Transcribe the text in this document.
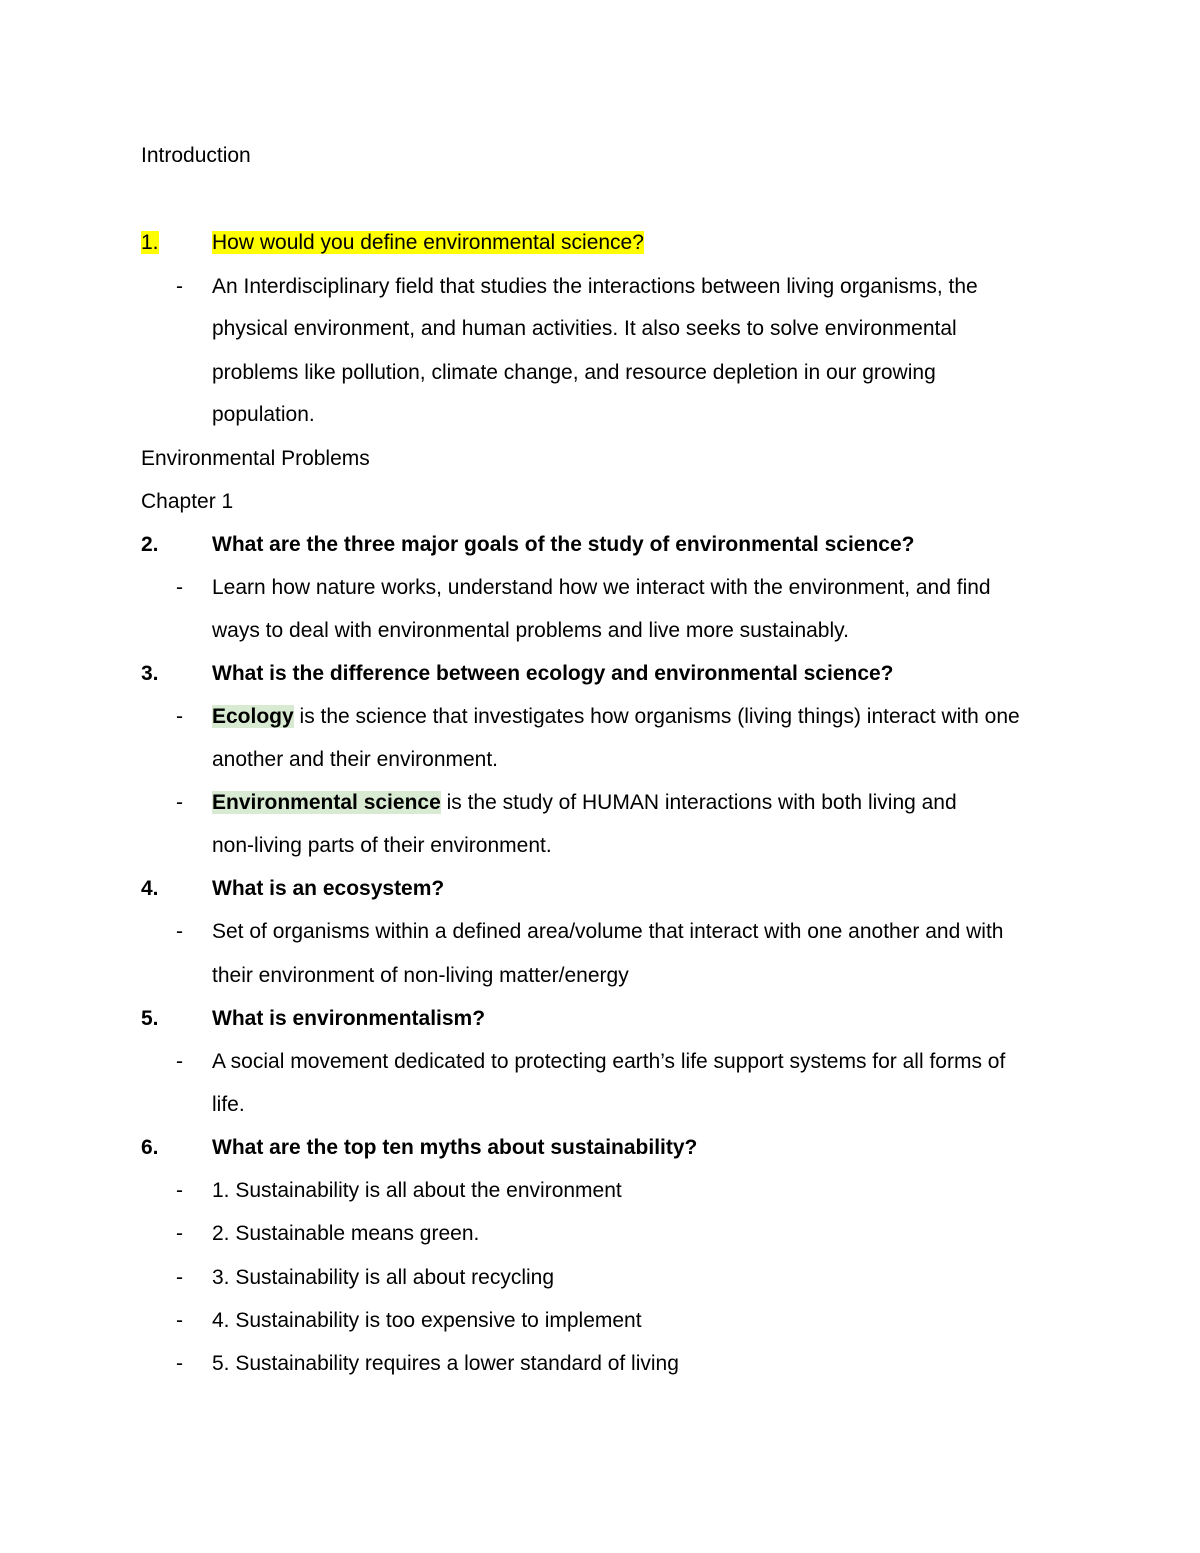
Introduction
1.	How would you define environmental science?
- An Interdisciplinary field that studies the interactions between living organisms, the
physical environment, and human activities. It also seeks to solve environmental
problems like pollution, climate change, and resource depletion in our growing
population.
Environmental Problems
Chapter 1
2.	What are the three major goals of the study of environmental science?
- Learn how nature works, understand how we interact with the environment, and find
ways to deal with environmental problems and live more sustainably.
3.	What is the difference between ecology and environmental science?
- Ecology is the science that investigates how organisms (living things) interact with one
another and their environment.
- Environmental science is the study of HUMAN interactions with both living and
non-living parts of their environment.
4.	What is an ecosystem?
- Set of organisms within a defined area/volume that interact with one another and with
their environment of non-living matter/energy
5.	What is environmentalism?
- A social movement dedicated to protecting earth’s life support systems for all forms of
life.
6.	What are the top ten myths about sustainability?
- 1. Sustainability is all about the environment
- 2. Sustainable means green.
- 3. Sustainability is all about recycling
- 4. Sustainability is too expensive to implement
- 5. Sustainability requires a lower standard of living
